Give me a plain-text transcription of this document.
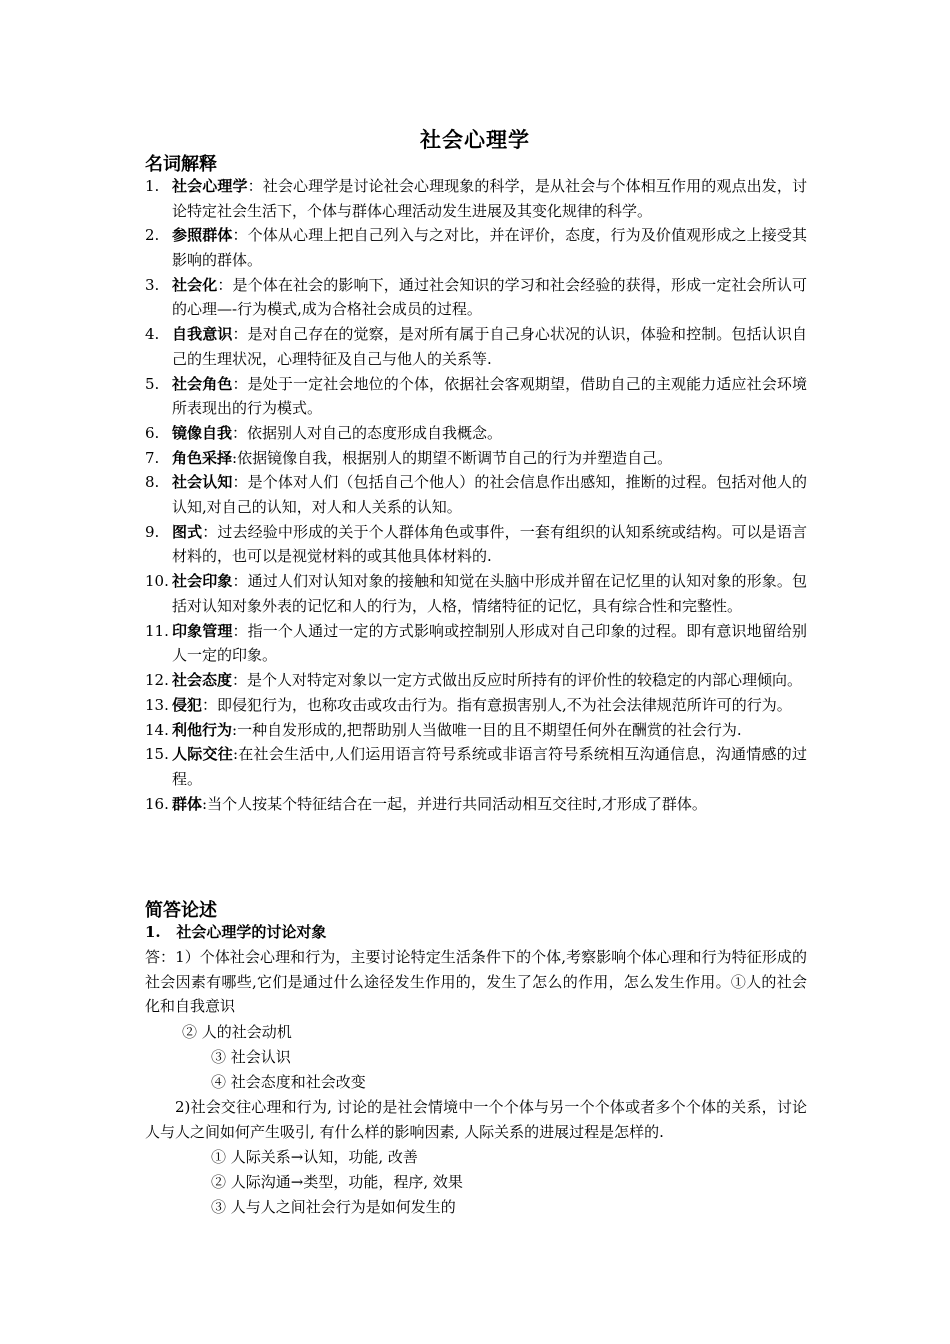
社会心理学
名词解释
1. 社会心理学：社会心理学是讨论社会心理现象的科学，是从社会与个体相互作用的观点出发，讨论特定社会生活下，个体与群体心理活动发生进展及其变化规律的科学。
2. 参照群体：个体从心理上把自己列入与之对比，并在评价，态度，行为及价值观形成之上接受其影响的群体。
3. 社会化：是个体在社会的影响下，通过社会知识的学习和社会经验的获得，形成一定社会所认可的心理—-行为模式,成为合格社会成员的过程。
4. 自我意识：是对自己存在的觉察，是对所有属于自己身心状况的认识，体验和控制。包括认识自己的生理状况，心理特征及自己与他人的关系等.
5. 社会角色：是处于一定社会地位的个体，依据社会客观期望，借助自己的主观能力适应社会环境所表现出的行为模式。
6. 镜像自我：依据别人对自己的态度形成自我概念。
7. 角色采择:依据镜像自我，根据别人的期望不断调节自己的行为并塑造自己。
8. 社会认知：是个体对人们（包括自己个他人）的社会信息作出感知，推断的过程。包括对他人的认知,对自己的认知，对人和人关系的认知。
9. 图式：过去经验中形成的关于个人群体角色或事件，一套有组织的认知系统或结构。可以是语言材料的，也可以是视觉材料的或其他具体材料的.
10. 社会印象：通过人们对认知对象的接触和知觉在头脑中形成并留在记忆里的认知对象的形象。包括对认知对象外表的记忆和人的行为，人格，情绪特征的记忆，具有综合性和完整性。
11. 印象管理：指一个人通过一定的方式影响或控制别人形成对自己印象的过程。即有意识地留给别人一定的印象。
12. 社会态度：是个人对特定对象以一定方式做出反应时所持有的评价性的较稳定的内部心理倾向。
13. 侵犯：即侵犯行为，也称攻击或攻击行为。指有意损害别人,不为社会法律规范所许可的行为。
14. 利他行为:一种自发形成的,把帮助别人当做唯一目的且不期望任何外在酬赏的社会行为.
15. 人际交往:在社会生活中,人们运用语言符号系统或非语言符号系统相互沟通信息，沟通情感的过程。
16. 群体:当个人按某个特征结合在一起，并进行共同活动相互交往时,才形成了群体。
简答论述
1. 社会心理学的讨论对象
答：1）个体社会心理和行为，主要讨论特定生活条件下的个体,考察影响个体心理和行为特征形成的社会因素有哪些,它们是通过什么途径发生作用的，发生了怎么的作用，怎么发生作用。①人的社会化和自我意识
② 人的社会动机
③ 社会认识
④ 社会态度和社会改变
2)社会交往心理和行为, 讨论的是社会情境中一个个体与另一个个体或者多个个体的关系，讨论人与人之间如何产生吸引, 有什么样的影响因素, 人际关系的进展过程是怎样的.
① 人际关系→认知，功能, 改善
② 人际沟通→类型，功能，程序, 效果
③ 人与人之间社会行为是如何发生的
